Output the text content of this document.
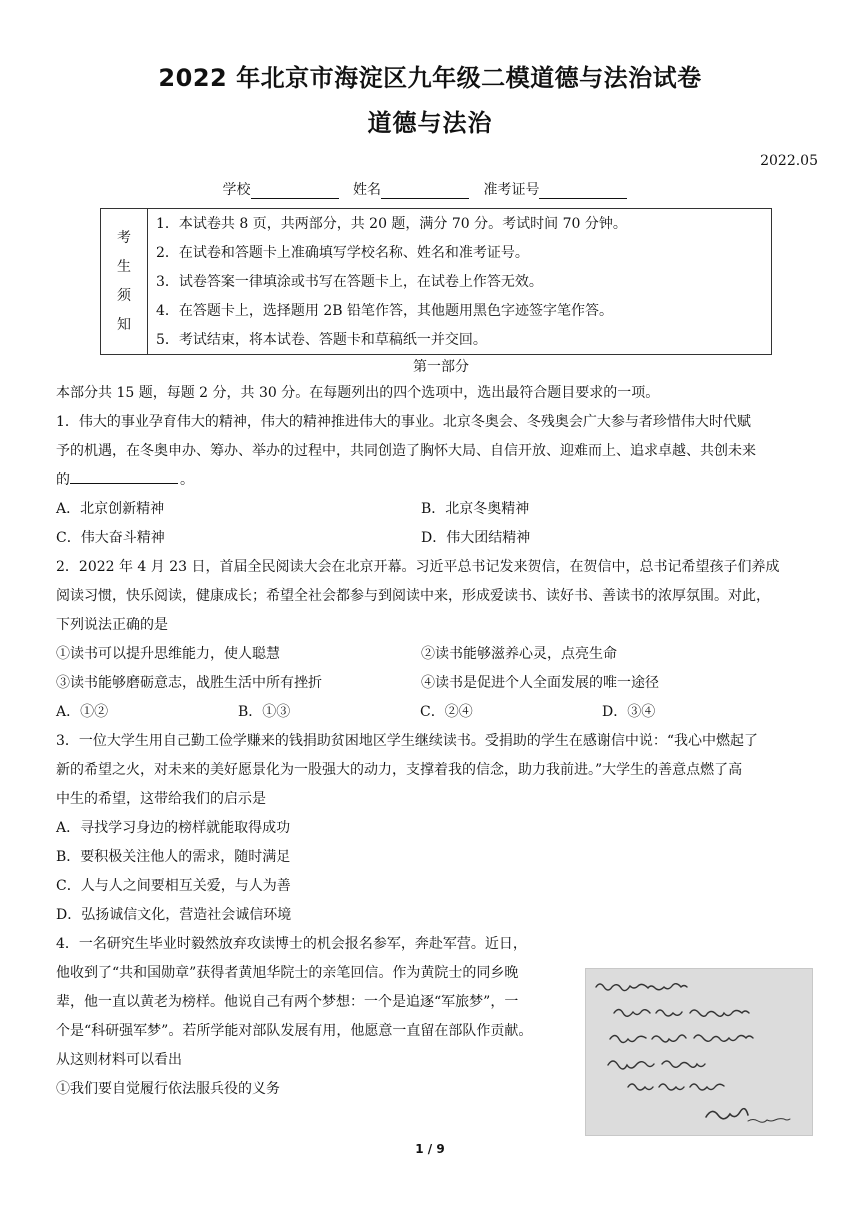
2022 年北京市海淀区九年级二模道德与法治试卷
道德与法治
2022.05
学校	姓名	准考证号
考
生
须
知
1．本试卷共 8 页，共两部分，共 20 题，满分 70 分。考试时间 70 分钟。
2．在试卷和答题卡上准确填写学校名称、姓名和准考证号。
3．试卷答案一律填涂或书写在答题卡上，在试卷上作答无效。
4．在答题卡上，选择题用 2B 铅笔作答，其他题用黑色字迹签字笔作答。
5．考试结束，将本试卷、答题卡和草稿纸一并交回。
第一部分
本部分共 15 题，每题 2 分，共 30 分。在每题列出的四个选项中，选出最符合题目要求的一项。
1．伟大的事业孕育伟大的精神，伟大的精神推进伟大的事业。北京冬奥会、冬残奥会广大参与者珍惜伟大时代赋
予的机遇，在冬奥申办、筹办、举办的过程中，共同创造了胸怀大局、自信开放、迎难而上、追求卓越、共创未来
的	。
A．北京创新精神	B．北京冬奥精神
C．伟大奋斗精神	D．伟大团结精神
2．2022 年 4 月 23 日，首届全民阅读大会在北京开幕。习近平总书记发来贺信，在贺信中，总书记希望孩子们养成
阅读习惯，快乐阅读，健康成长；希望全社会都参与到阅读中来，形成爱读书、读好书、善读书的浓厚氛围。对此，
下列说法正确的是
①读书可以提升思维能力，使人聪慧	②读书能够滋养心灵，点亮生命
③读书能够磨砺意志，战胜生活中所有挫折	④读书是促进个人全面发展的唯一途径
A．①②	B．①③	C．②④	D．③④
3．一位大学生用自己勤工俭学赚来的钱捐助贫困地区学生继续读书。受捐助的学生在感谢信中说：“我心中燃起了
新的希望之火，对未来的美好愿景化为一股强大的动力，支撑着我的信念，助力我前进。”大学生的善意点燃了高
中生的希望，这带给我们的启示是
A．寻找学习身边的榜样就能取得成功
B．要积极关注他人的需求，随时满足
C．人与人之间要相互关爱，与人为善
D．弘扬诚信文化，营造社会诚信环境
4．一名研究生毕业时毅然放弃攻读博士的机会报名参军，奔赴军营。近日，
他收到了“共和国勋章”获得者黄旭华院士的亲笔回信。作为黄院士的同乡晚
辈，他一直以黄老为榜样。他说自己有两个梦想：一个是追逐“军旅梦”，一
个是“科研强军梦”。若所学能对部队发展有用，他愿意一直留在部队作贡献。
从这则材料可以看出
①我们要自觉履行依法服兵役的义务
1 / 9
